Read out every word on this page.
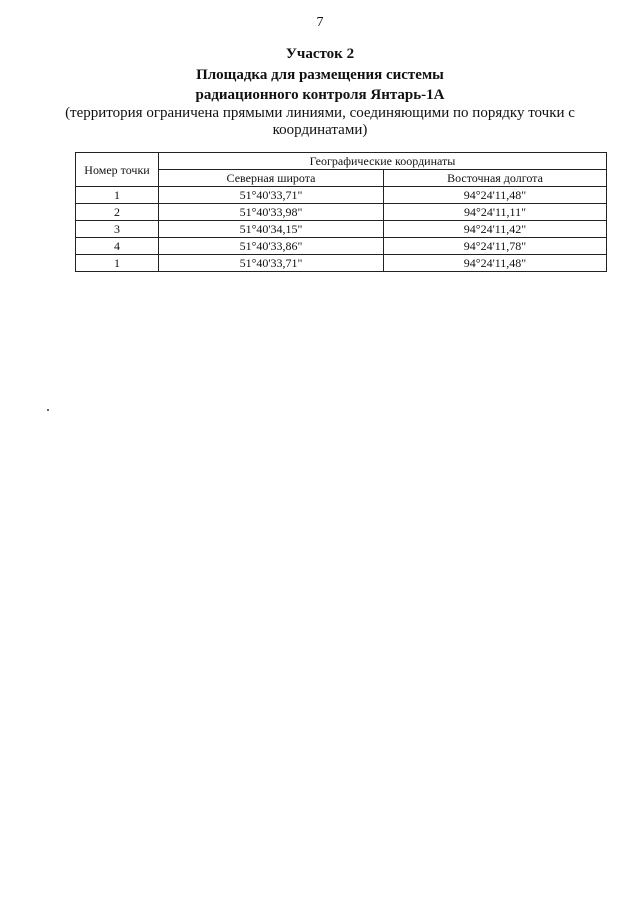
7
Участок 2
Площадка для размещения системы
радиационного контроля Янтарь-1А
(территория ограничена прямыми линиями, соединяющими по порядку точки с
координатами)
Номер точки	Географические координаты	
	Северная широта	Восточная долгота
1	51°40'33,71"	94°24'11,48"
2	51°40'33,98"	94°24'11,11"
3	51°40'34,15"	94°24'11,42"
4	51°40'33,86"	94°24'11,78"
1	51°40'33,71"	94°24'11,48"
